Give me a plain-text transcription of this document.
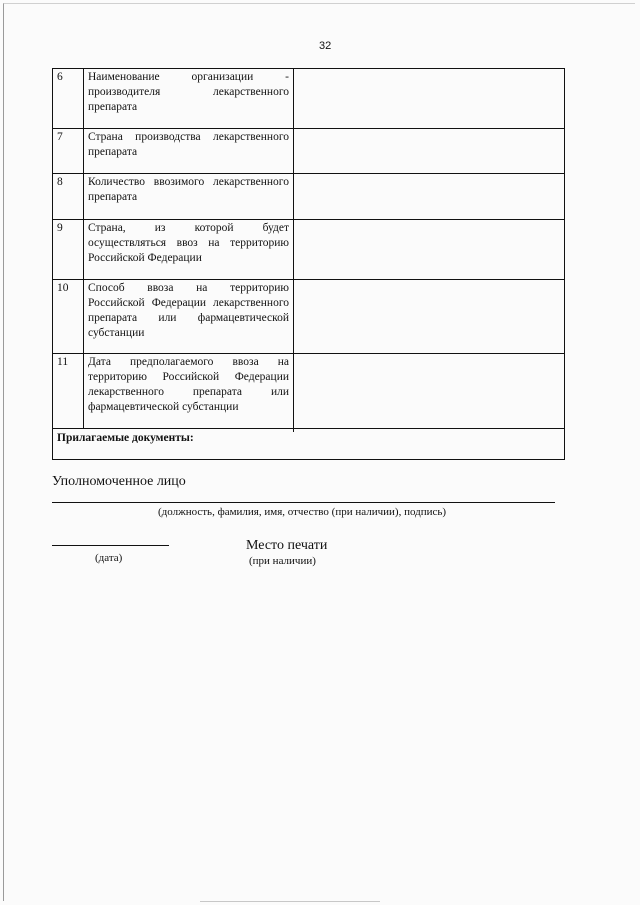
32
6	Наименование организации - производителя лекарственного препарата	
7	Страна производства лекарственного препарата	
8	Количество ввозимого лекарственного препарата	
9	Страна, из которой будет осуществляться ввоз на территорию Российской Федерации	
10	Способ ввоза на территорию Российской Федерации лекарственного препарата или фармацевтической субстанции	
11	Дата предполагаемого ввоза на территорию Российской Федерации лекарственного препарата или фармацевтической субстанции	

Прилагаемые документы:		
Уполномоченное лицо
(должность, фамилия, имя, отчество (при наличии), подпись)
(дата)
Место печати
(при наличии)
